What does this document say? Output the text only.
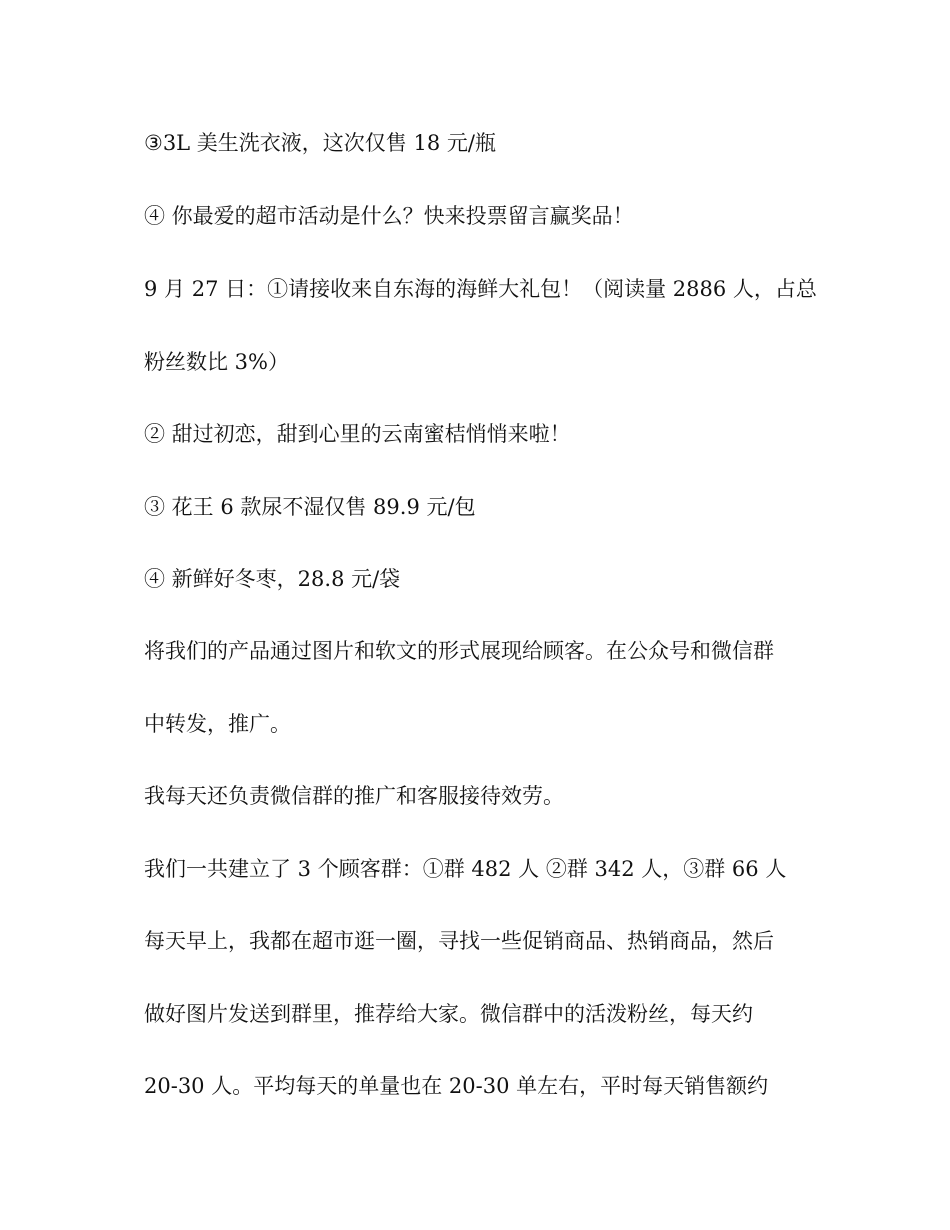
③3L 美生洗衣液，这次仅售 18 元/瓶
④ 你最爱的超市活动是什么？快来投票留言赢奖品！
9 月 27 日：①请接收来自东海的海鲜大礼包！（阅读量 2886 人，占总
粉丝数比 3%）
② 甜过初恋，甜到心里的云南蜜桔悄悄来啦！
③ 花王 6 款尿不湿仅售 89.9 元/包
④ 新鲜好冬枣，28.8 元/袋
将我们的产品通过图片和软文的形式展现给顾客。在公众号和微信群
中转发，推广。
我每天还负责微信群的推广和客服接待效劳。
我们一共建立了 3 个顾客群：①群 482 人 ②群 342 人，③群 66 人
每天早上，我都在超市逛一圈，寻找一些促销商品、热销商品，然后
做好图片发送到群里，推荐给大家。微信群中的活泼粉丝，每天约
20-30 人。平均每天的单量也在 20-30 单左右，平时每天销售额约
